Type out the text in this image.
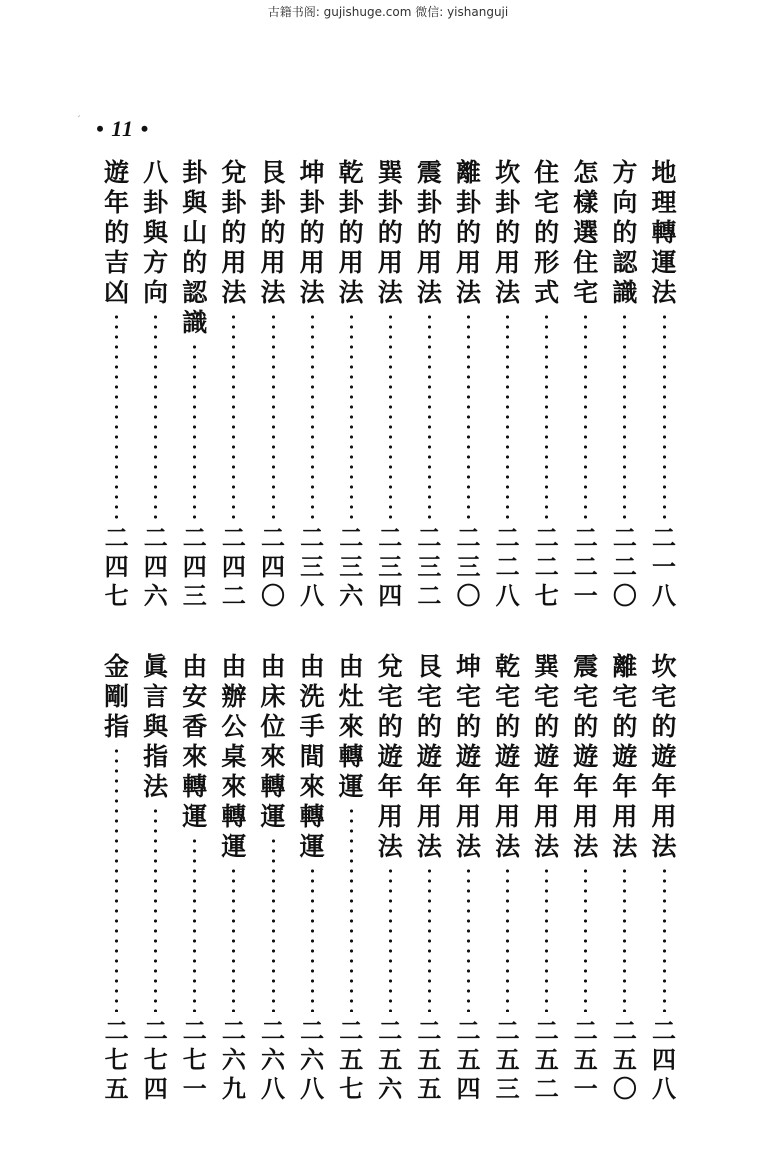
古籍书阁: gujishuge.com 微信: yishanguji
′ • 11 •
地
理
轉
運
法
二
一
八
方
向
的
認
識
二
二
〇
怎
樣
選
住
宅
二
二
一
住
宅
的
形
式
二
二
七
坎
卦
的
用
法
二
二
八
離
卦
的
用
法
二
三
〇
震
卦
的
用
法
二
三
二
巽
卦
的
用
法
二
三
四
乾
卦
的
用
法
二
三
六
坤
卦
的
用
法
二
三
八
艮
卦
的
用
法
二
四
〇
兌
卦
的
用
法
二
四
二
卦
與
山
的
認
識
二
四
三
八
卦
與
方
向
二
四
六
遊
年
的
吉
凶
二
四
七
坎
宅
的
遊
年
用
法
二
四
八
離
宅
的
遊
年
用
法
二
五
〇
震
宅
的
遊
年
用
法
二
五
一
巽
宅
的
遊
年
用
法
二
五
二
乾
宅
的
遊
年
用
法
二
五
三
坤
宅
的
遊
年
用
法
二
五
四
艮
宅
的
遊
年
用
法
二
五
五
兌
宅
的
遊
年
用
法
二
五
六
由
灶
來
轉
運
二
五
七
由
洗
手
間
來
轉
運
二
六
八
由
床
位
來
轉
運
二
六
八
由
辦
公
桌
來
轉
運
二
六
九
由
安
香
來
轉
運
二
七
一
眞
言
與
指
法
二
七
四
金
剛
指
二
七
五
